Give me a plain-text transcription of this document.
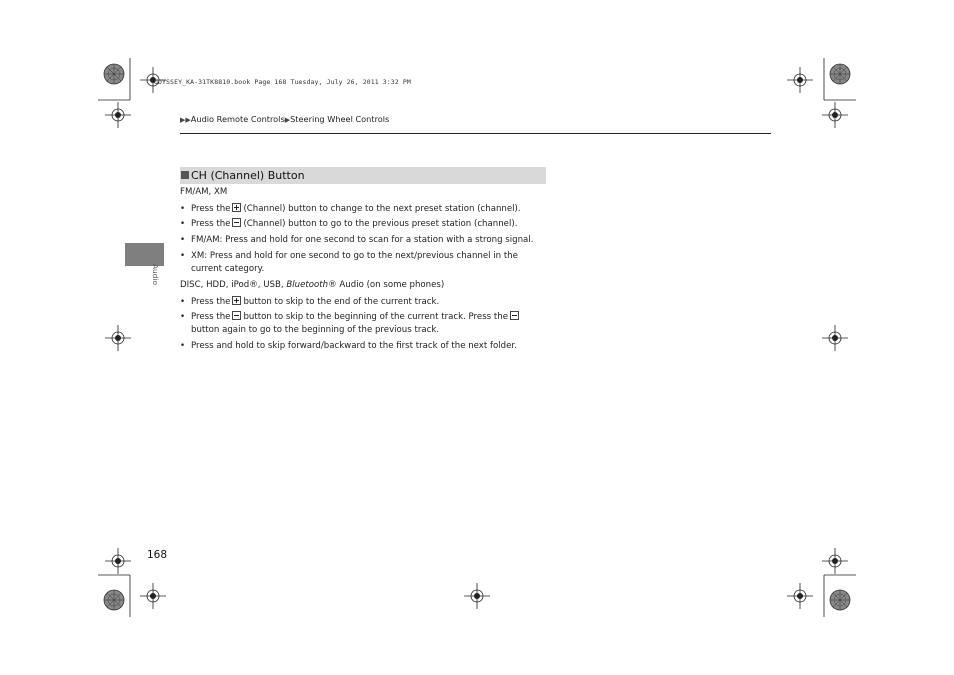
ODYSSEY_KA-31TK8810.book Page 168 Tuesday, July 26, 2011 3:32 PM
▶▶Audio Remote Controls▶Steering Wheel Controls
Audio
CH (Channel) Button
FM/AM, XM
• Press the (Channel) button to change to the next preset station (channel).
• Press the (Channel) button to go to the previous preset station (channel).
• FM/AM: Press and hold for one second to scan for a station with a strong signal.
• XM: Press and hold for one second to go to the next/previous channel in the
current category.
DISC, HDD, iPod®, USB, Bluetooth® Audio (on some phones)
• Press the button to skip to the end of the current track.
• Press the button to skip to the beginning of the current track. Press the
button again to go to the beginning of the previous track.
• Press and hold to skip forward/backward to the first track of the next folder.
168
